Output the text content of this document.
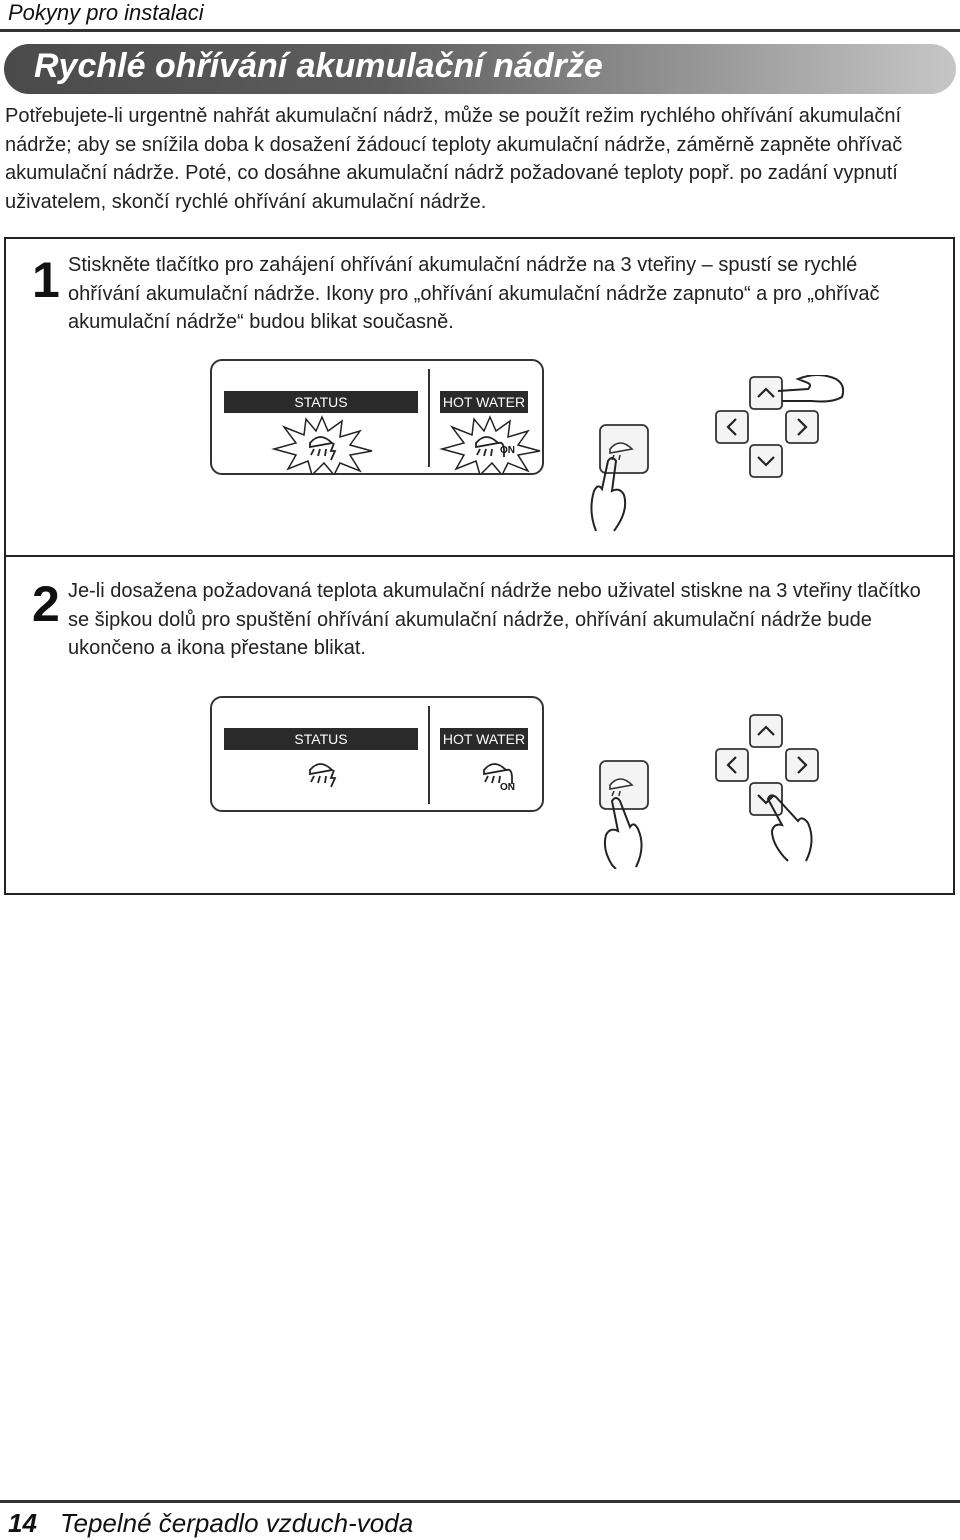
Pokyny pro instalaci
Rychlé ohřívání akumulační nádrže
Potřebujete-li urgentně nahřát akumulační nádrž, může se použít režim rychlého ohřívání akumulační nádrže; aby se snížila doba k dosažení žádoucí teploty akumulační nádrže, záměrně zapněte ohřívač akumulační nádrže. Poté, co dosáhne akumulační nádrž požadované teploty popř. po zadání vypnutí uživatelem, skončí rychlé ohřívání akumulační nádrže.
1 Stiskněte tlačítko pro zahájení ohřívání akumulační nádrže na 3 vteřiny – spustí se rychlé ohřívání akumulační nádrže. Ikony pro „ohřívání akumulační nádrže zapnuto“ a pro „ohřívač akumulační nádrže“ budou blikat současně.
STATUS	HOT WATER
ON
2 Je-li dosažena požadovaná teplota akumulační nádrže nebo uživatel stiskne na 3 vteřiny tlačítko se šipkou dolů pro spuštění ohřívání akumulační nádrže, ohřívání akumulační nádrže bude ukončeno a ikona přestane blikat.
STATUS	HOT WATER
ON
14 Tepelné čerpadlo vzduch-voda
